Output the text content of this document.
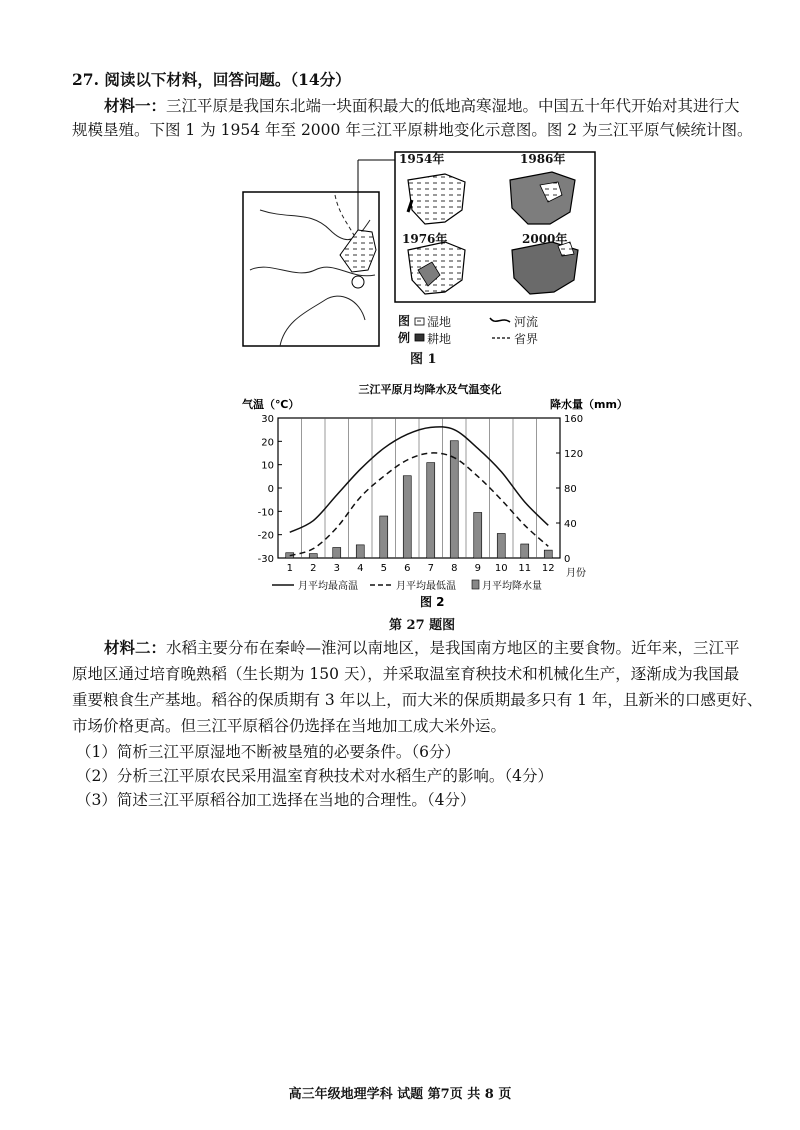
27. 阅读以下材料，回答问题。（14分）
材料一：三江平原是我国东北端一块面积最大的低地高寒湿地。中国五十年代开始对其进行大
规模垦殖。下图 1 为 1954 年至 2000 年三江平原耕地变化示意图。图 2 为三江平原气候统计图。
1954年	1986年
1976年	2000年
图
例
湿地
耕地
河流
省界
图 1
三江平原月均降水及气温变化
气温（℃）	降水量（mm）
30
20
10
0
-10
-20
-30
160
120
80
40
0
1 2 3 4 5 6 7 8 9 10 11 12 月份
月平均最高温	月平均最低温	月平均降水量
图 2
第 27 题图
材料二：水稻主要分布在秦岭—淮河以南地区，是我国南方地区的主要食物。近年来，三江平
原地区通过培育晚熟稻（生长期为 150 天），并采取温室育秧技术和机械化生产，逐渐成为我国最
重要粮食生产基地。稻谷的保质期有 3 年以上，而大米的保质期最多只有 1 年，且新米的口感更好、
市场价格更高。但三江平原稻谷仍选择在当地加工成大米外运。
（1）简析三江平原湿地不断被垦殖的必要条件。（6分）
（2）分析三江平原农民采用温室育秧技术对水稻生产的影响。（4分）
（3）简述三江平原稻谷加工选择在当地的合理性。（4分）
高三年级地理学科 试题 第7页 共 8 页
